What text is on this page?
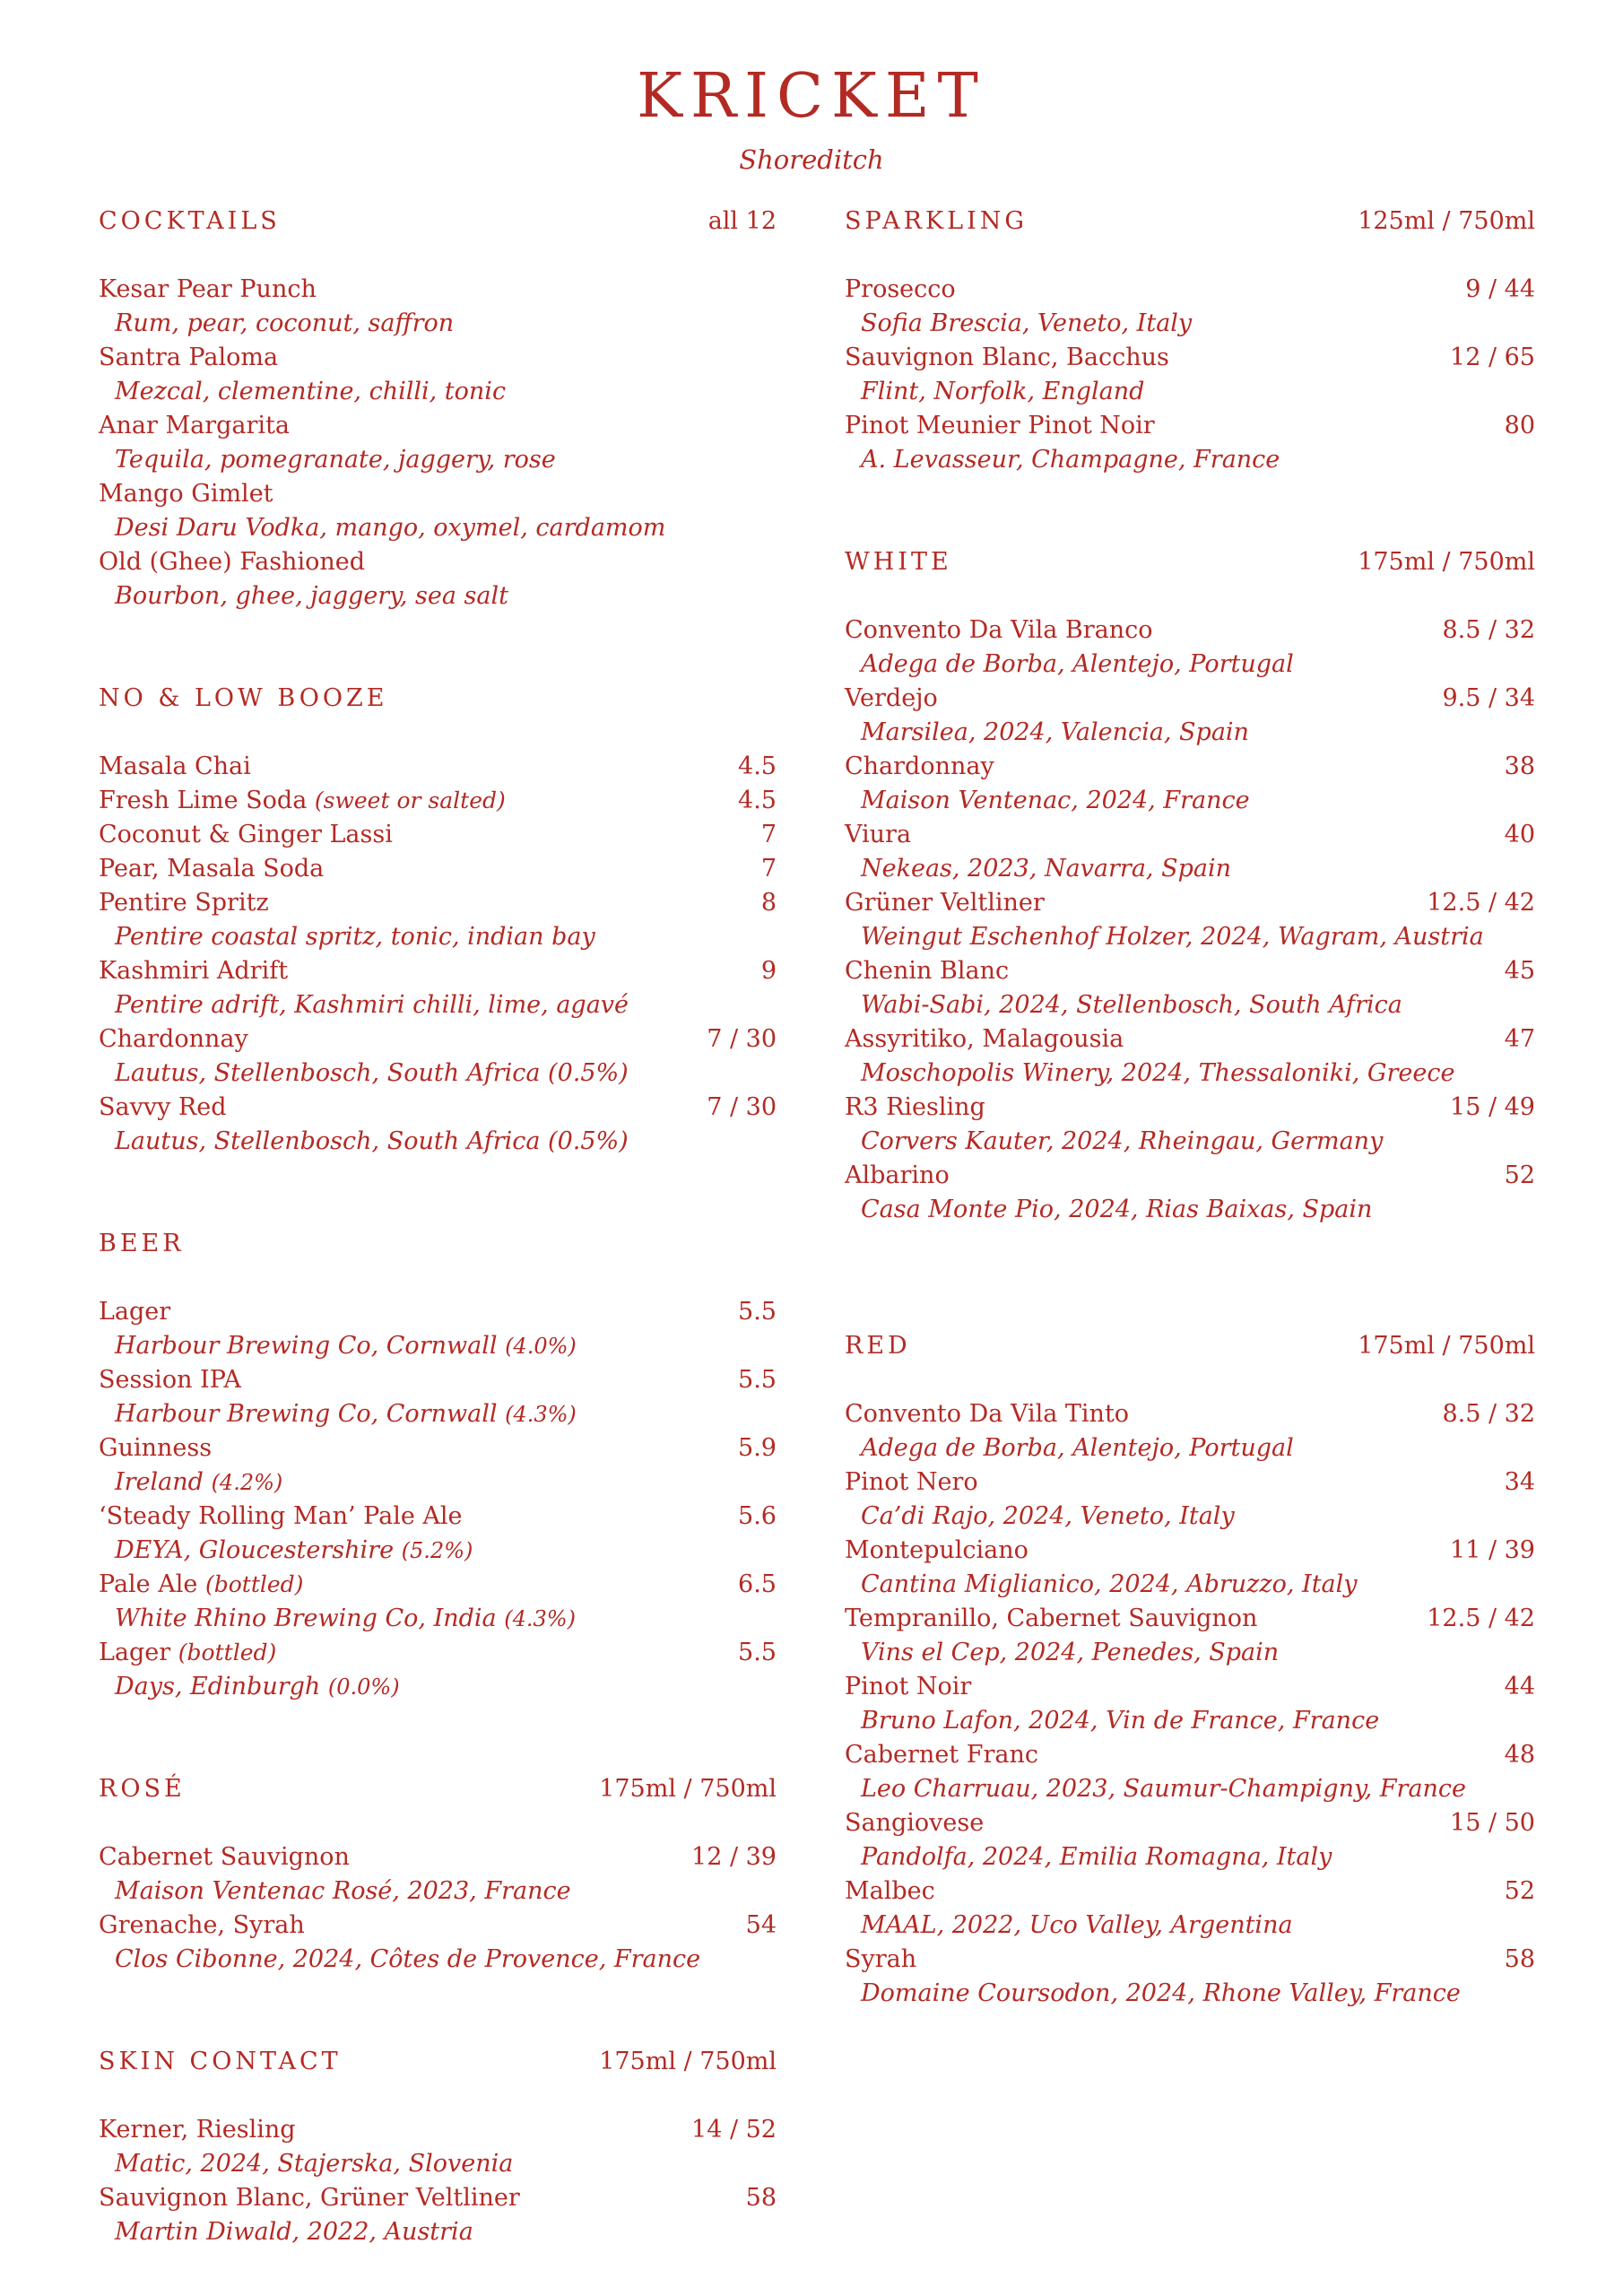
KRICKET
Shoreditch
COCKTAILS	all 12
Kesar Pear Punch
Rum, pear, coconut, saffron
Santra Paloma
Mezcal, clementine, chilli, tonic
Anar Margarita
Tequila, pomegranate, jaggery, rose
Mango Gimlet
Desi Daru Vodka, mango, oxymel, cardamom
Old (Ghee) Fashioned
Bourbon, ghee, jaggery, sea salt
NO & LOW BOOZE
Masala Chai	4.5
Fresh Lime Soda (sweet or salted)	4.5
Coconut & Ginger Lassi	7
Pear, Masala Soda	7
Pentire Spritz	8
Pentire coastal spritz, tonic, indian bay
Kashmiri Adrift	9
Pentire adrift, Kashmiri chilli, lime, agavé
Chardonnay	7 / 30
Lautus, Stellenbosch, South Africa (0.5%)
Savvy Red	7 / 30
Lautus, Stellenbosch, South Africa (0.5%)
BEER
Lager	5.5
Harbour Brewing Co, Cornwall (4.0%)
Session IPA	5.5
Harbour Brewing Co, Cornwall (4.3%)
Guinness	5.9
Ireland (4.2%)
‘Steady Rolling Man’ Pale Ale	5.6
DEYA, Gloucestershire (5.2%)
Pale Ale (bottled)	6.5
White Rhino Brewing Co, India (4.3%)
Lager (bottled)	5.5
Days, Edinburgh (0.0%)
ROSÉ	175ml / 750ml
Cabernet Sauvignon	12 / 39
Maison Ventenac Rosé, 2023, France
Grenache, Syrah	54
Clos Cibonne, 2024, Côtes de Provence, France
SKIN CONTACT	175ml / 750ml
Kerner, Riesling	14 / 52
Matic, 2024, Stajerska, Slovenia
Sauvignon Blanc, Grüner Veltliner	58
Martin Diwald, 2022, Austria
SPARKLING	125ml / 750ml
Prosecco	9 / 44
Sofia Brescia, Veneto, Italy
Sauvignon Blanc, Bacchus	12 / 65
Flint, Norfolk, England
Pinot Meunier Pinot Noir	80
A. Levasseur, Champagne, France
WHITE	175ml / 750ml
Convento Da Vila Branco	8.5 / 32
Adega de Borba, Alentejo, Portugal
Verdejo	9.5 / 34
Marsilea, 2024, Valencia, Spain
Chardonnay	38
Maison Ventenac, 2024, France
Viura	40
Nekeas, 2023, Navarra, Spain
Grüner Veltliner	12.5 / 42
Weingut Eschenhof Holzer, 2024, Wagram, Austria
Chenin Blanc	45
Wabi-Sabi, 2024, Stellenbosch, South Africa
Assyritiko, Malagousia	47
Moschopolis Winery, 2024, Thessaloniki, Greece
R3 Riesling	15 / 49
Corvers Kauter, 2024, Rheingau, Germany
Albarino	52
Casa Monte Pio, 2024, Rias Baixas, Spain
RED	175ml / 750ml
Convento Da Vila Tinto	8.5 / 32
Adega de Borba, Alentejo, Portugal
Pinot Nero	34
Ca’di Rajo, 2024, Veneto, Italy
Montepulciano	11 / 39
Cantina Miglianico, 2024, Abruzzo, Italy
Tempranillo, Cabernet Sauvignon	12.5 / 42
Vins el Cep, 2024, Penedes, Spain
Pinot Noir	44
Bruno Lafon, 2024, Vin de France, France
Cabernet Franc	48
Leo Charruau, 2023, Saumur-Champigny, France
Sangiovese	15 / 50
Pandolfa, 2024, Emilia Romagna, Italy
Malbec	52
MAAL, 2022, Uco Valley, Argentina
Syrah	58
Domaine Coursodon, 2024, Rhone Valley, France
